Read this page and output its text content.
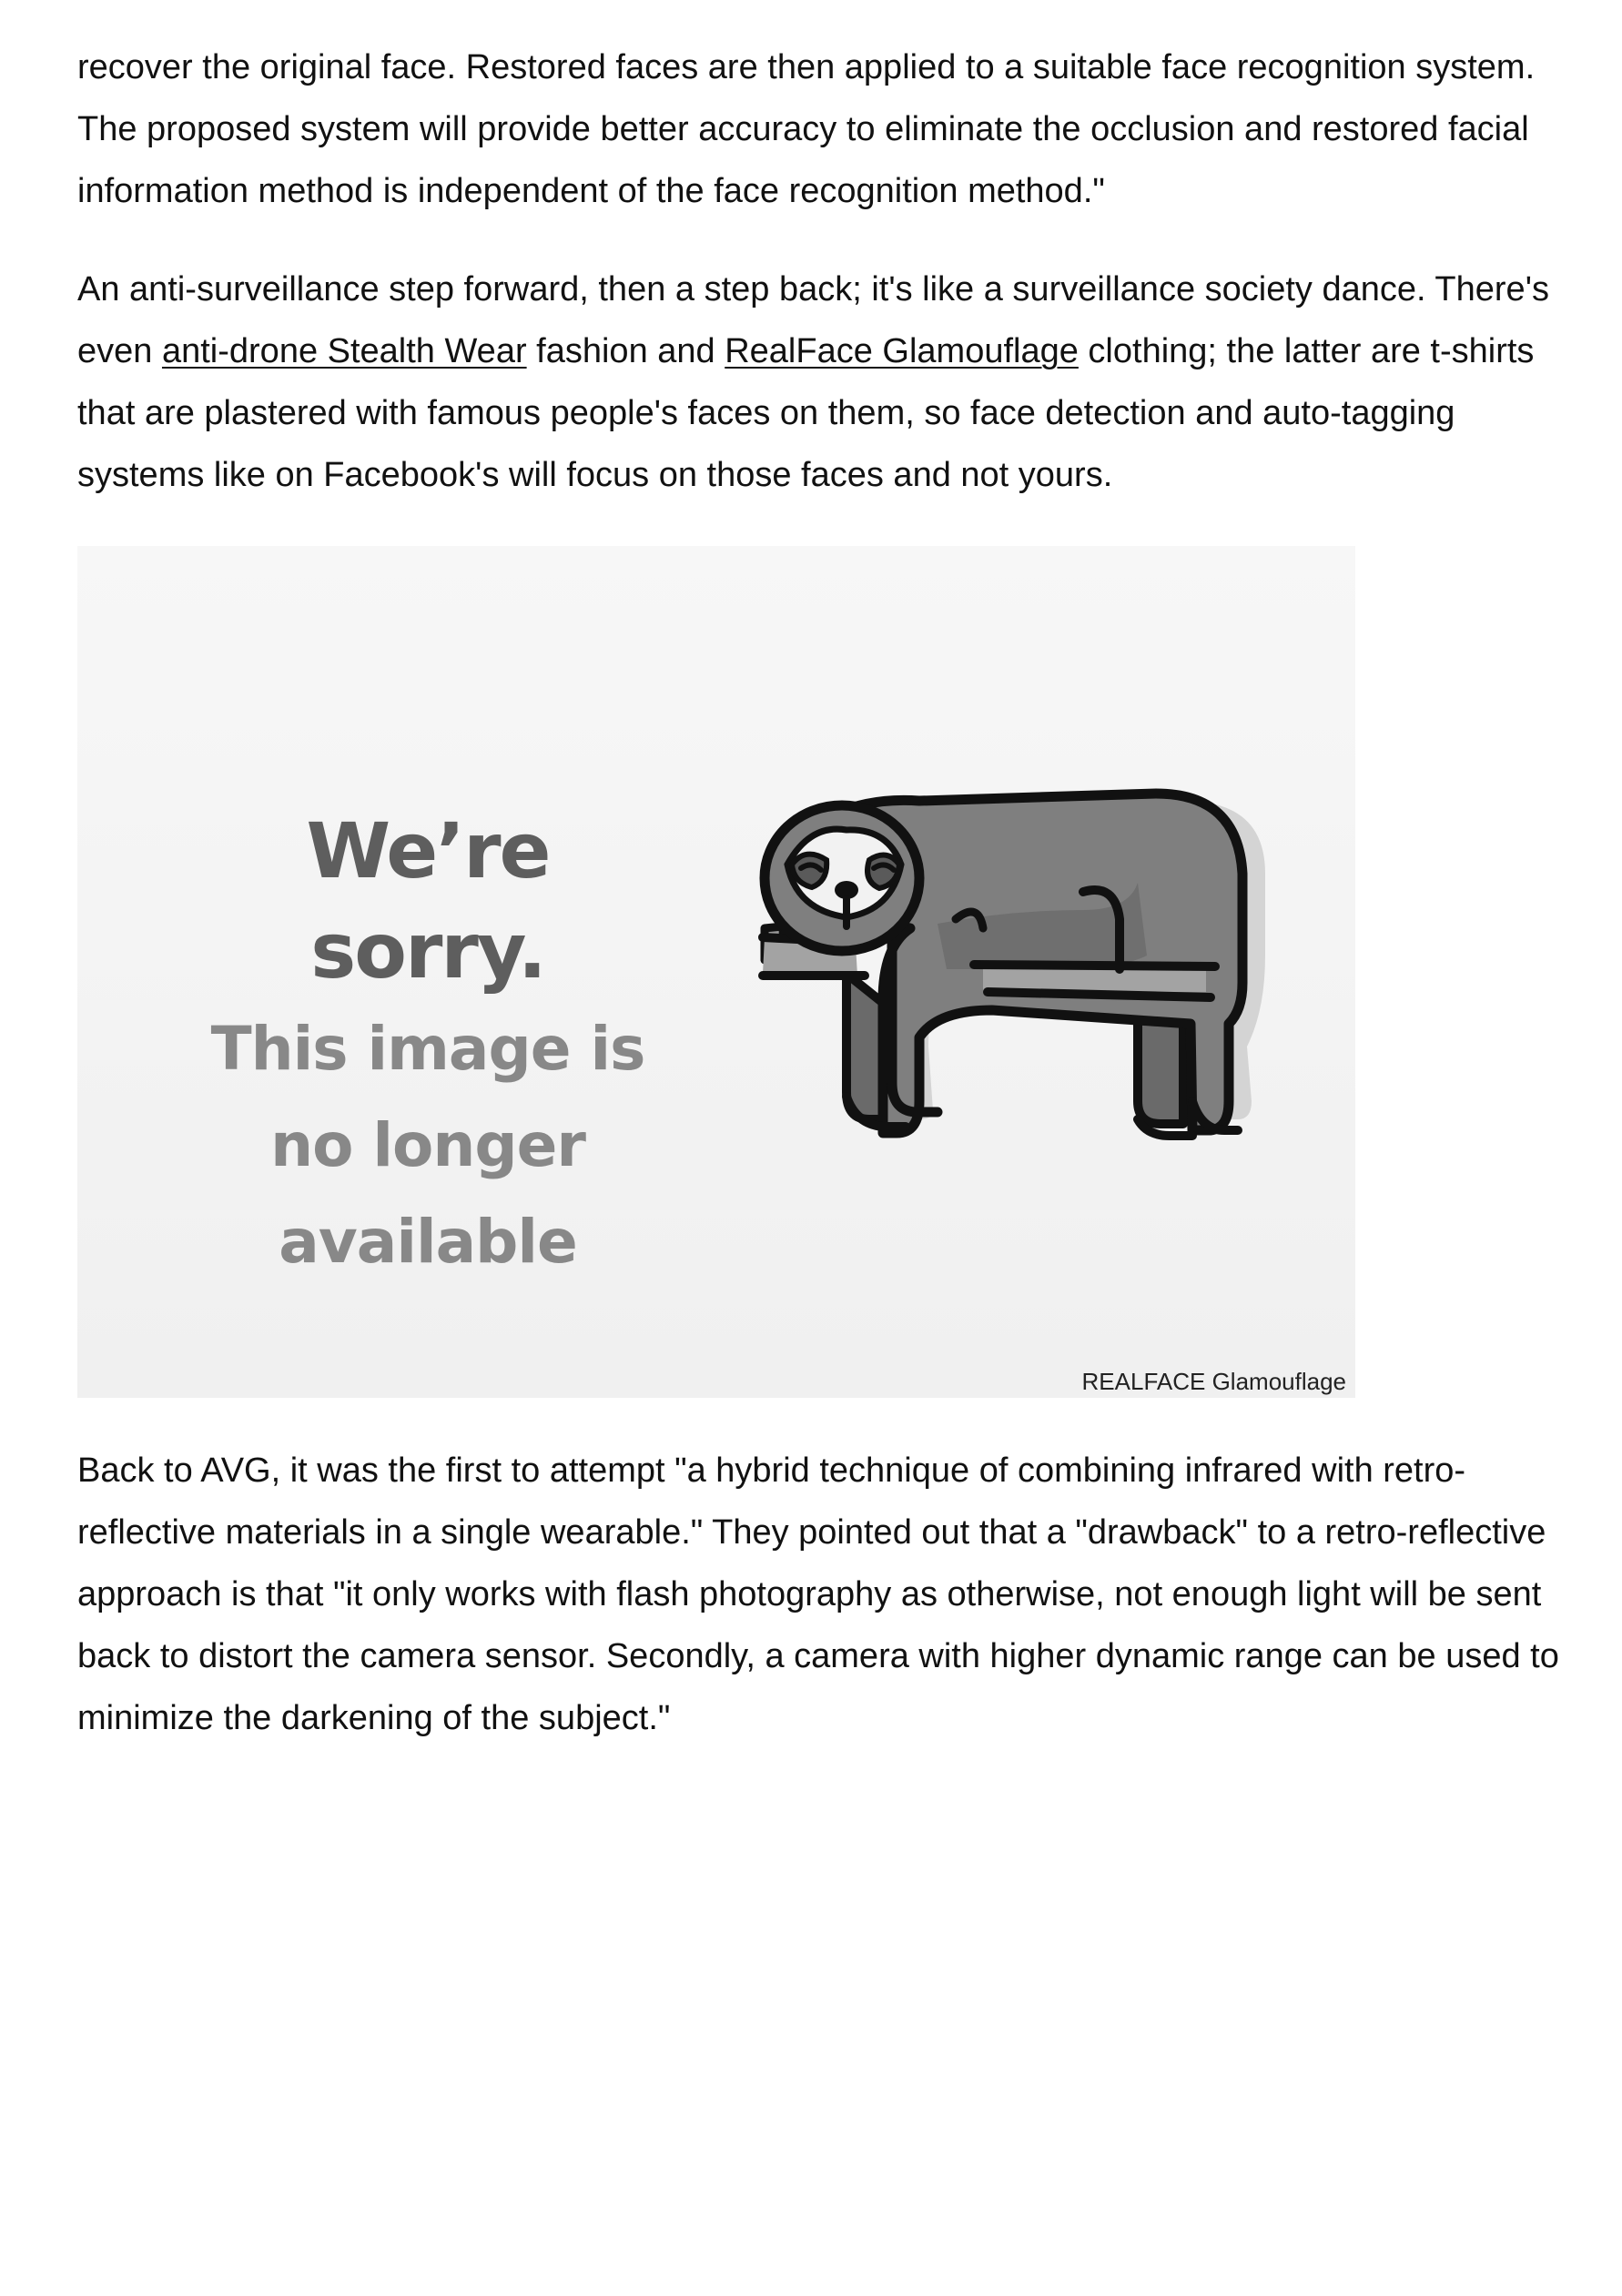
recover the original face. Restored faces are then applied to a suitable face recognition system. The proposed system will provide better accuracy to eliminate the occlusion and restored facial information method is independent of the face recognition method."

An anti-surveillance step forward, then a step back; it's like a surveillance society dance. There's even anti-drone Stealth Wear fashion and RealFace Glamouflage clothing; the latter are t-shirts that are plastered with famous people's faces on them, so face detection and auto-tagging systems like on Facebook's will focus on those faces and not yours.

We’re sorry.
This image is no longer available
REALFACE Glamouflage

Back to AVG, it was the first to attempt "a hybrid technique of combining infrared with retro-reflective materials in a single wearable." They pointed out that a "drawback" to a retro-reflective approach is that "it only works with flash photography as otherwise, not enough light will be sent back to distort the camera sensor. Secondly, a camera with higher dynamic range can be used to minimize the darkening of the subject."
